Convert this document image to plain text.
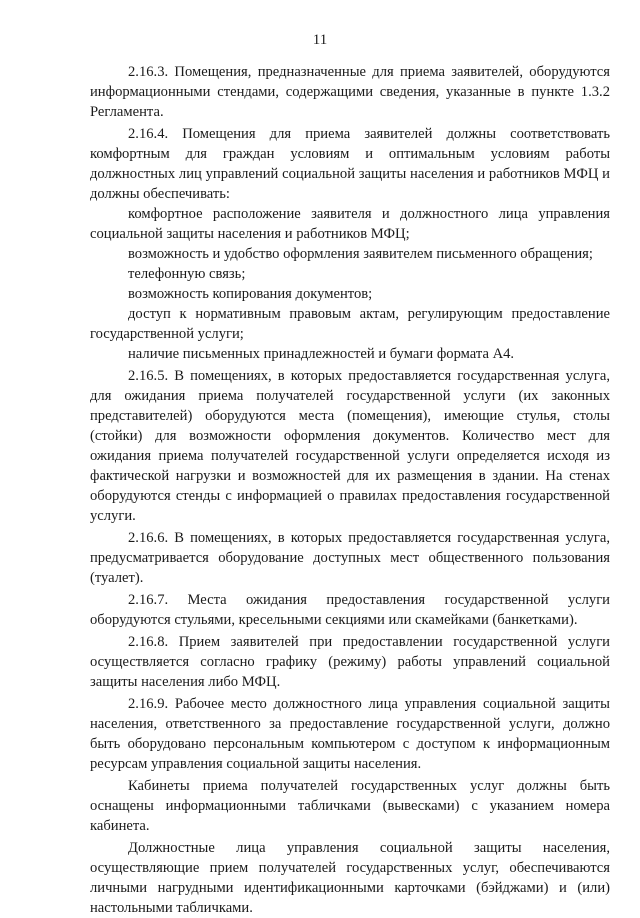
11

2.16.3. Помещения, предназначенные для приема заявителей, оборудуются информационными стендами, содержащими сведения, указанные в пункте 1.3.2 Регламента.

2.16.4. Помещения для приема заявителей должны соответствовать комфортным для граждан условиям и оптимальным условиям работы должностных лиц управлений социальной защиты населения и работников МФЦ и должны обеспечивать:

комфортное расположение заявителя и должностного лица управления социальной защиты населения и работников МФЦ;

возможность и удобство оформления заявителем письменного обращения;

телефонную связь;

возможность копирования документов;

доступ к нормативным правовым актам, регулирующим предоставление государственной услуги;

наличие письменных принадлежностей и бумаги формата А4.

2.16.5. В помещениях, в которых предоставляется государственная услуга, для ожидания приема получателей государственной услуги (их законных представителей) оборудуются места (помещения), имеющие стулья, столы (стойки) для возможности оформления документов. Количество мест для ожидания приема получателей государственной услуги определяется исходя из фактической нагрузки и возможностей для их размещения в здании. На стенах оборудуются стенды с информацией о правилах предоставления государственной услуги.

2.16.6. В помещениях, в которых предоставляется государственная услуга, предусматривается оборудование доступных мест общественного пользования (туалет).

2.16.7. Места ожидания предоставления государственной услуги оборудуются стульями, кресельными секциями или скамейками (банкетками).

2.16.8. Прием заявителей при предоставлении государственной услуги осуществляется согласно графику (режиму) работы управлений социальной защиты населения либо МФЦ.

2.16.9. Рабочее место должностного лица управления социальной защиты населения, ответственного за предоставление государственной услуги, должно быть оборудовано персональным компьютером с доступом к информационным ресурсам управления социальной защиты населения.

Кабинеты приема получателей государственных услуг должны быть оснащены информационными табличками (вывесками) с указанием номера кабинета.

Должностные лица управления социальной защиты населения, осуществляющие прием получателей государственных услуг, обеспечиваются личными нагрудными идентификационными карточками (бэйджами) и (или) настольными табличками.
